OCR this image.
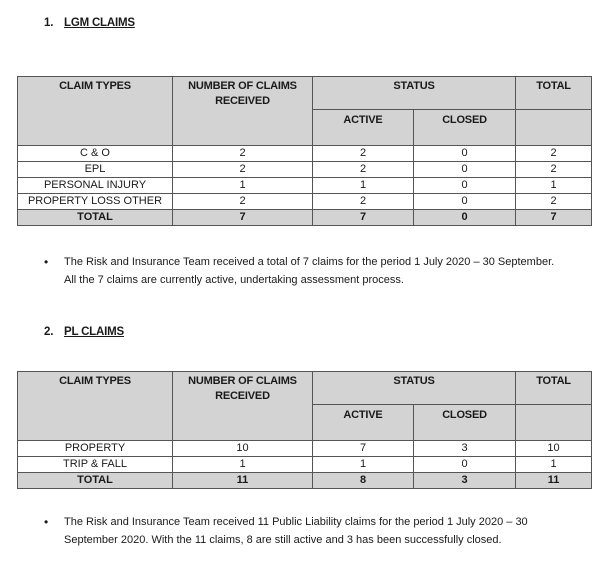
1. LGM CLAIMS
CLAIM TYPES	NUMBER OF CLAIMS RECEIVED	STATUS		TOTAL
		ACTIVE	CLOSED	
C & O	2	2	0	2
EPL	2	2	0	2
PERSONAL INJURY	1	1	0	1
PROPERTY LOSS OTHER	2	2	0	2
TOTAL	7	7	0	7
• The Risk and Insurance Team received a total of 7 claims for the period 1 July 2020 – 30 September. All the 7 claims are currently active, undertaking assessment process.
2. PL CLAIMS
CLAIM TYPES	NUMBER OF CLAIMS RECEIVED	STATUS		TOTAL
		ACTIVE	CLOSED	
PROPERTY	10	7	3	10
TRIP & FALL	1	1	0	1
TOTAL	11	8	3	11
• The Risk and Insurance Team received 11 Public Liability claims for the period 1 July 2020 – 30 September 2020. With the 11 claims, 8 are still active and 3 has been successfully closed.
